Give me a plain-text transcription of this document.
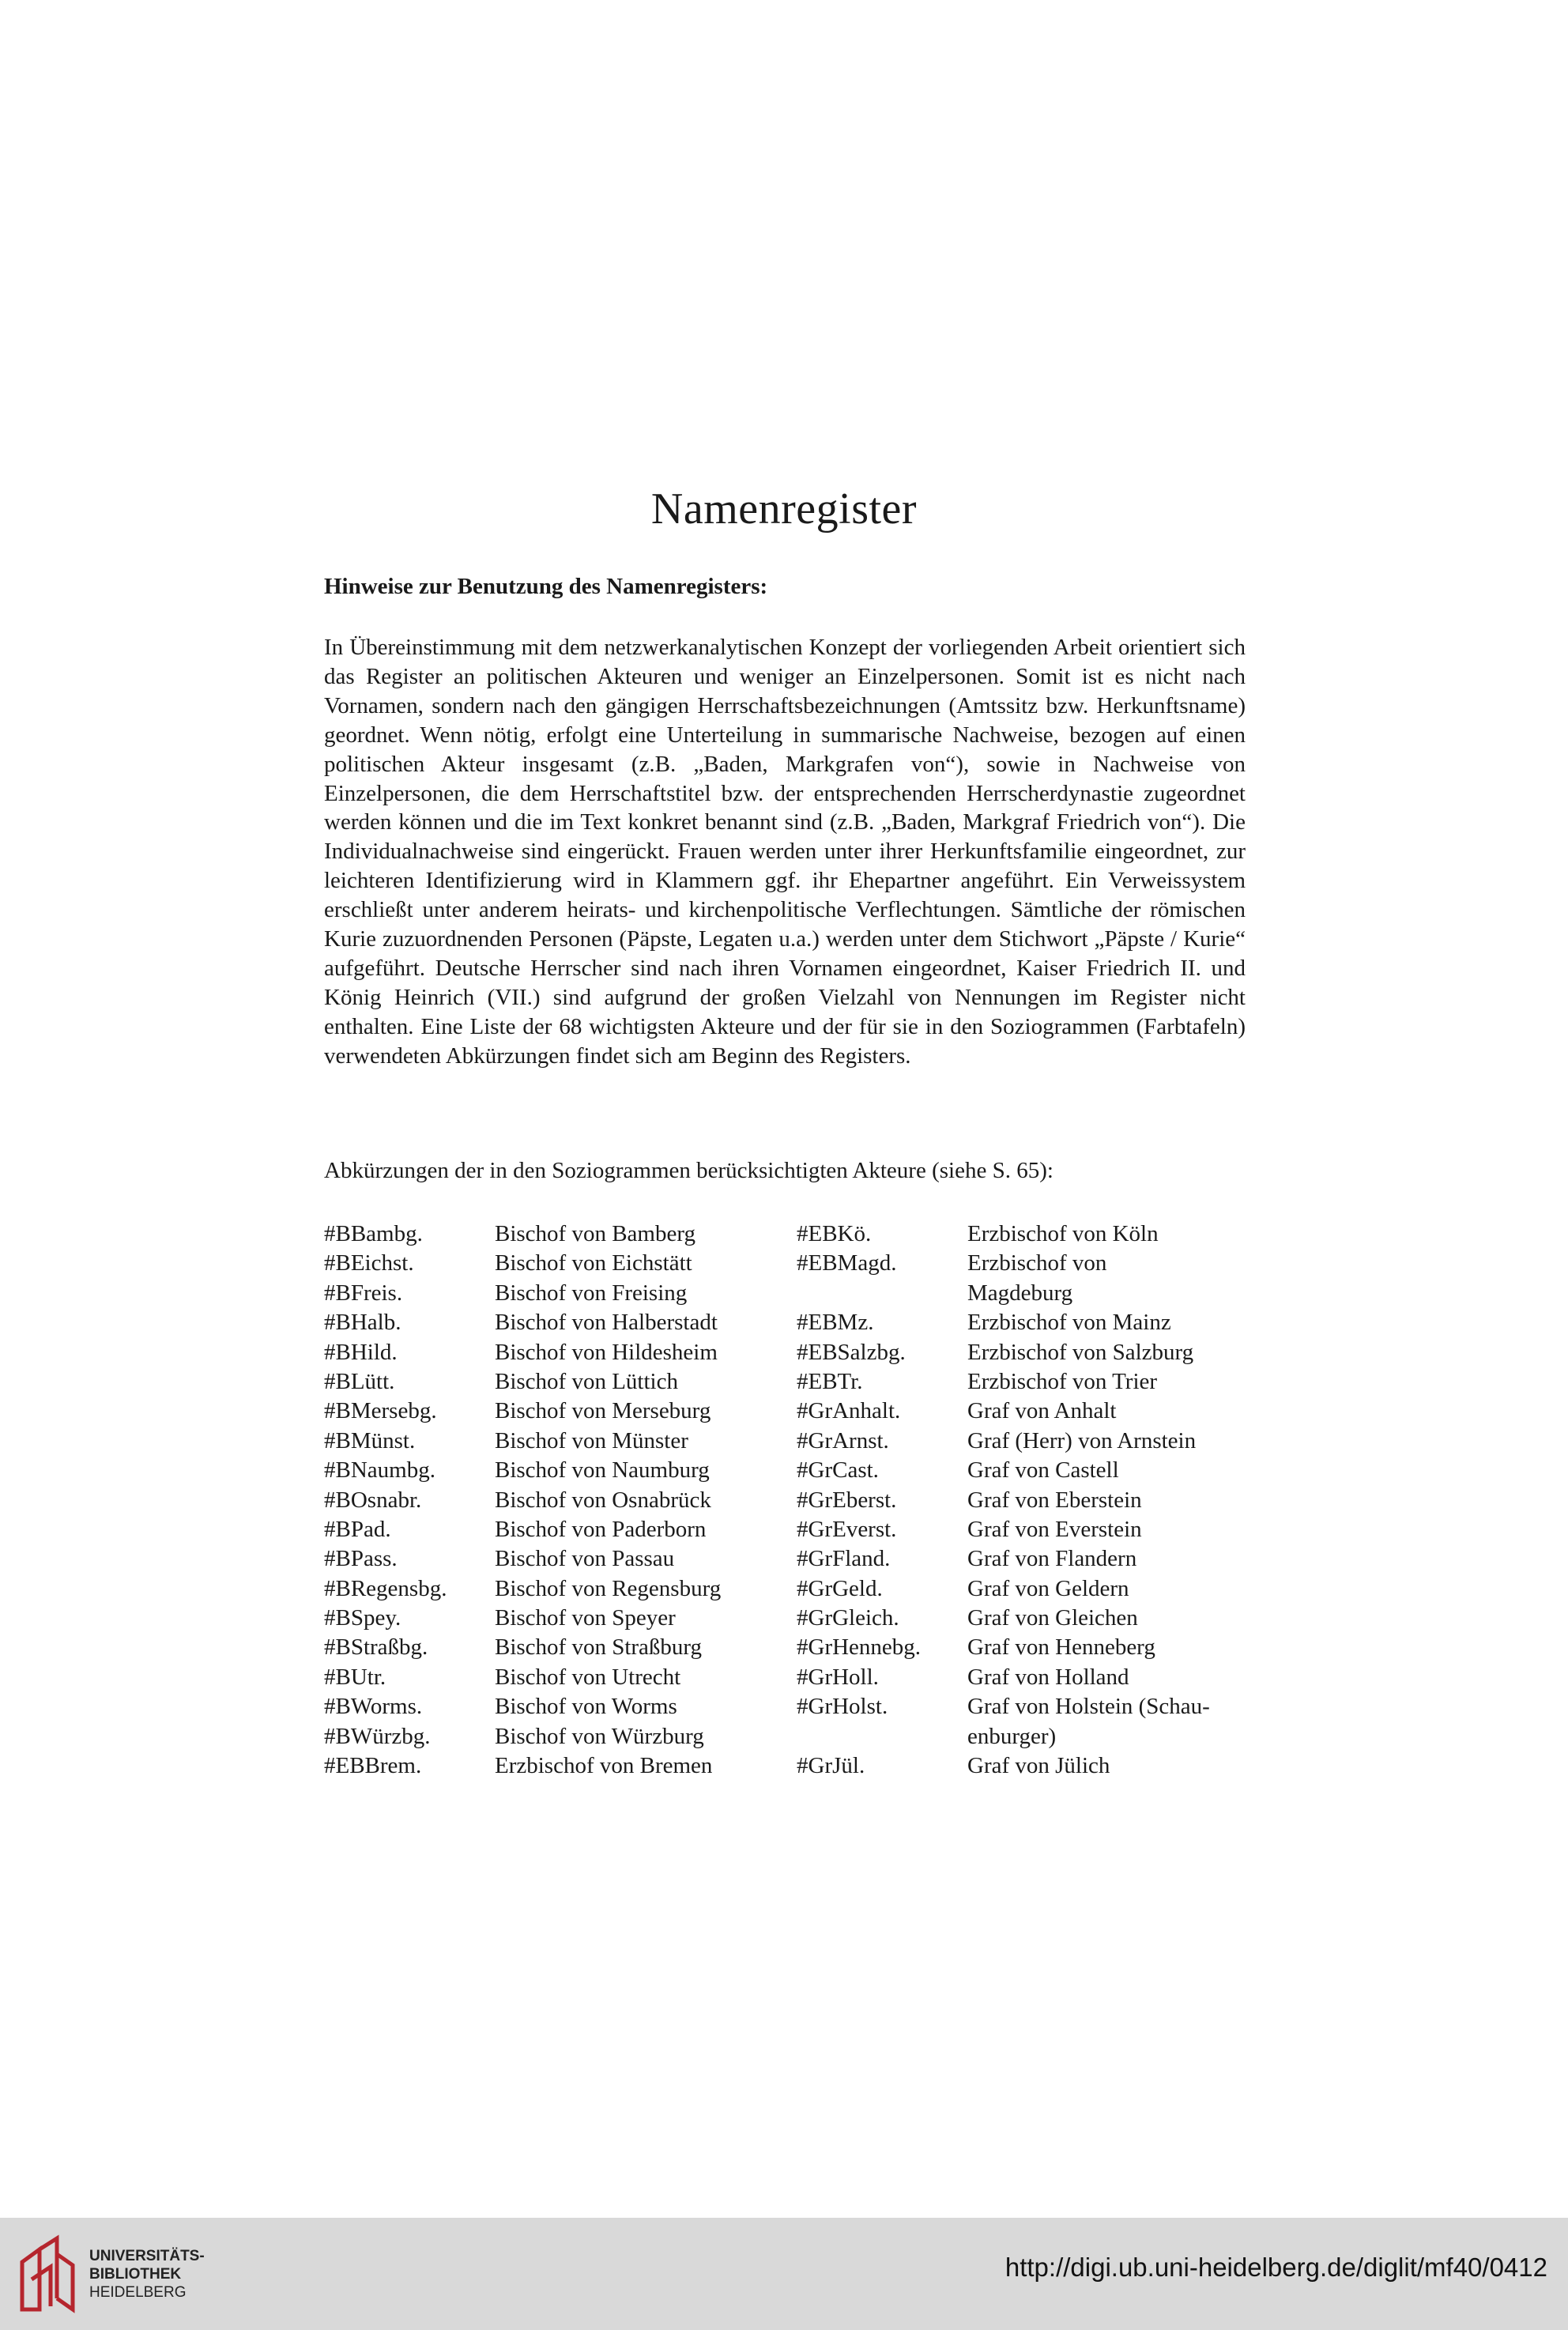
Namenregister
Hinweise zur Benutzung des Namenregisters:

In Übereinstimmung mit dem netzwerkanalytischen Konzept der vorliegenden Arbeit orientiert sich das Register an politischen Akteuren und weniger an Einzelpersonen. Somit ist es nicht nach Vornamen, sondern nach den gängigen Herrschaftsbezeichnungen (Amtssitz bzw. Herkunftsname) geordnet. Wenn nötig, erfolgt eine Unterteilung in summarische Nachweise, bezogen auf einen politischen Akteur insgesamt (z.B. „Baden, Markgrafen von“), sowie in Nachweise von Einzelpersonen, die dem Herrschaftstitel bzw. der entsprechenden Herrscherdynastie zugeordnet werden können und die im Text konkret benannt sind (z.B. „Baden, Markgraf Friedrich von“). Die Individualnachweise sind eingerückt. Frauen werden unter ihrer Herkunftsfamilie eingeordnet, zur leichteren Identifizierung wird in Klammern ggf. ihr Ehepartner angeführt. Ein Verweissystem erschließt unter anderem heirats- und kirchenpolitische Verflechtungen. Sämtliche der römischen Kurie zuzuordnenden Personen (Päpste, Legaten u.a.) werden unter dem Stichwort „Päpste / Kurie“ aufgeführt. Deutsche Herrscher sind nach ihren Vornamen eingeordnet, Kaiser Friedrich II. und König Heinrich (VII.) sind aufgrund der großen Vielzahl von Nennungen im Register nicht enthalten. Eine Liste der 68 wichtigsten Akteure und der für sie in den Soziogrammen (Farbtafeln) verwendeten Abkürzungen findet sich am Beginn des Registers.

Abkürzungen der in den Soziogrammen berücksichtigten Akteure (siehe S. 65):

#BBambg.	Bischof von Bamberg	#EBKö.	Erzbischof von Köln
#BEichst.	Bischof von Eichstätt	#EBMagd.	Erzbischof von
#BFreis.	Bischof von Freising	Magdeburg
#BHalb.	Bischof von Halberstadt	#EBMz.	Erzbischof von Mainz
#BHild.	Bischof von Hildesheim	#EBSalzbg.	Erzbischof von Salzburg
#BLütt.	Bischof von Lüttich	#EBTr.	Erzbischof von Trier
#BMersebg.	Bischof von Merseburg	#GrAnhalt.	Graf von Anhalt
#BMünst.	Bischof von Münster	#GrArnst.	Graf (Herr) von Arnstein
#BNaumbg.	Bischof von Naumburg	#GrCast.	Graf von Castell
#BOsnabr.	Bischof von Osnabrück	#GrEberst.	Graf von Eberstein
#BPad.	Bischof von Paderborn	#GrEverst.	Graf von Everstein
#BPass.	Bischof von Passau	#GrFland.	Graf von Flandern
#BRegensbg.	Bischof von Regensburg	#GrGeld.	Graf von Geldern
#BSpey.	Bischof von Speyer	#GrGleich.	Graf von Gleichen
#BStraßbg.	Bischof von Straßburg	#GrHennebg.	Graf von Henneberg
#BUtr.	Bischof von Utrecht	#GrHoll.	Graf von Holland
#BWorms.	Bischof von Worms	#GrHolst.	Graf von Holstein (Schau-
#BWürzbg.	Bischof von Würzburg	enburger)
#EBBrem.	Erzbischof von Bremen	#GrJül.	Graf von Jülich
UNIVERSITÄTS-
BIBLIOTHEK
HEIDELBERG
http://digi.ub.uni-heidelberg.de/diglit/mf40/0412
